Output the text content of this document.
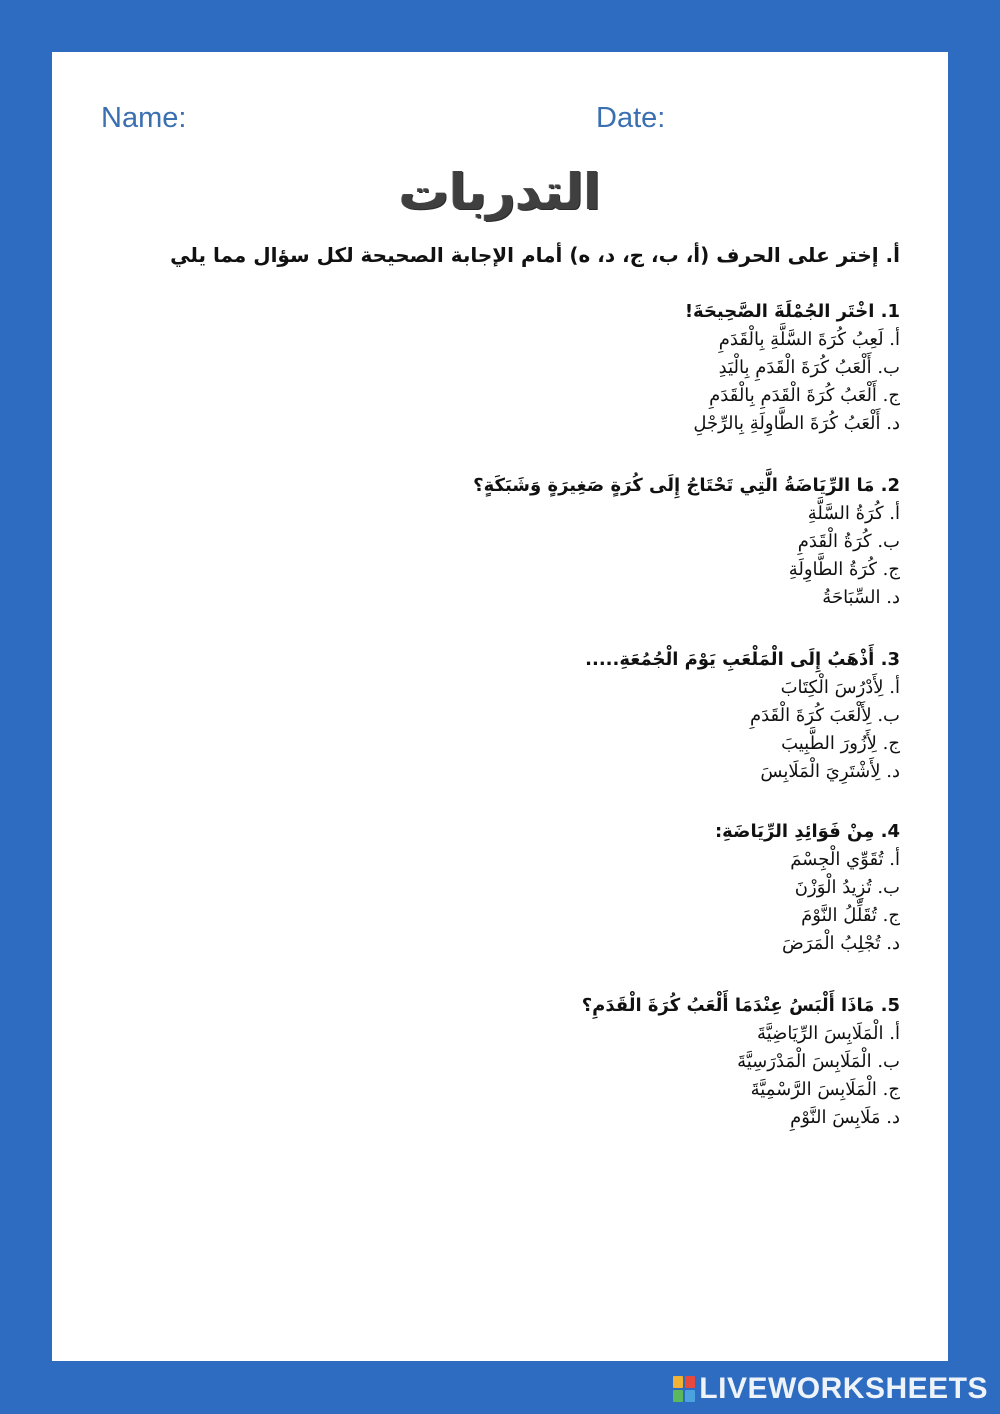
Name:	Date:
التدربات
أ. إختر على الحرف (أ، ب، ج، د، ه) أمام الإجابة الصحيحة لكل سؤال مما يلي
1. اخْتَر الجُمْلَةَ الصَّحِيحَةَ!
أ. لَعِبُ كُرَةَ السَّلَّةِ بِالْقَدَمِ
ب. أَلْعَبُ كُرَةَ الْقَدَمِ بِالْيَدِ
ج. أَلْعَبُ كُرَةَ الْقَدَمِ بِالْقَدَمِ
د. أَلْعَبُ كُرَةَ الطَّاوِلَةِ بِالرِّجْلِ
2. مَا الرِّيَاضَةُ الَّتِي تَحْتَاجُ إِلَى كُرَةٍ صَغِيرَةٍ وَشَبَكَةٍ؟
أ. كُرَةُ السَّلَّةِ
ب. كُرَةُ الْقَدَمِ
ج. كُرَةُ الطَّاوِلَةِ
د. السِّبَاحَةُ
3. أَذْهَبُ إِلَى الْمَلْعَبِ يَوْمَ الْجُمُعَةِ.....
أ. لِأَدْرُسَ الْكِتَابَ
ب. لِأَلْعَبَ كُرَةَ الْقَدَمِ
ج. لِأَزُورَ الطَّبِيبَ
د. لِأَشْتَرِيَ الْمَلَابِسَ
4. مِنْ فَوَائِدِ الرِّيَاضَةِ:
أ. تُقَوِّي الْجِسْمَ
ب. تُزِيدُ الْوَزْنَ
ج. تُقَلِّلُ النَّوْمَ
د. تُجْلِبُ الْمَرَضَ
5. مَاذَا أَلْبَسُ عِنْدَمَا أَلْعَبُ كُرَةَ الْقَدَمِ؟
أ. الْمَلَابِسَ الرِّيَاضِيَّةَ
ب. الْمَلَابِسَ الْمَدْرَسِيَّةَ
ج. الْمَلَابِسَ الرَّسْمِيَّةَ
د. مَلَابِسَ النَّوْمِ
LIVEWORKSHEETS
